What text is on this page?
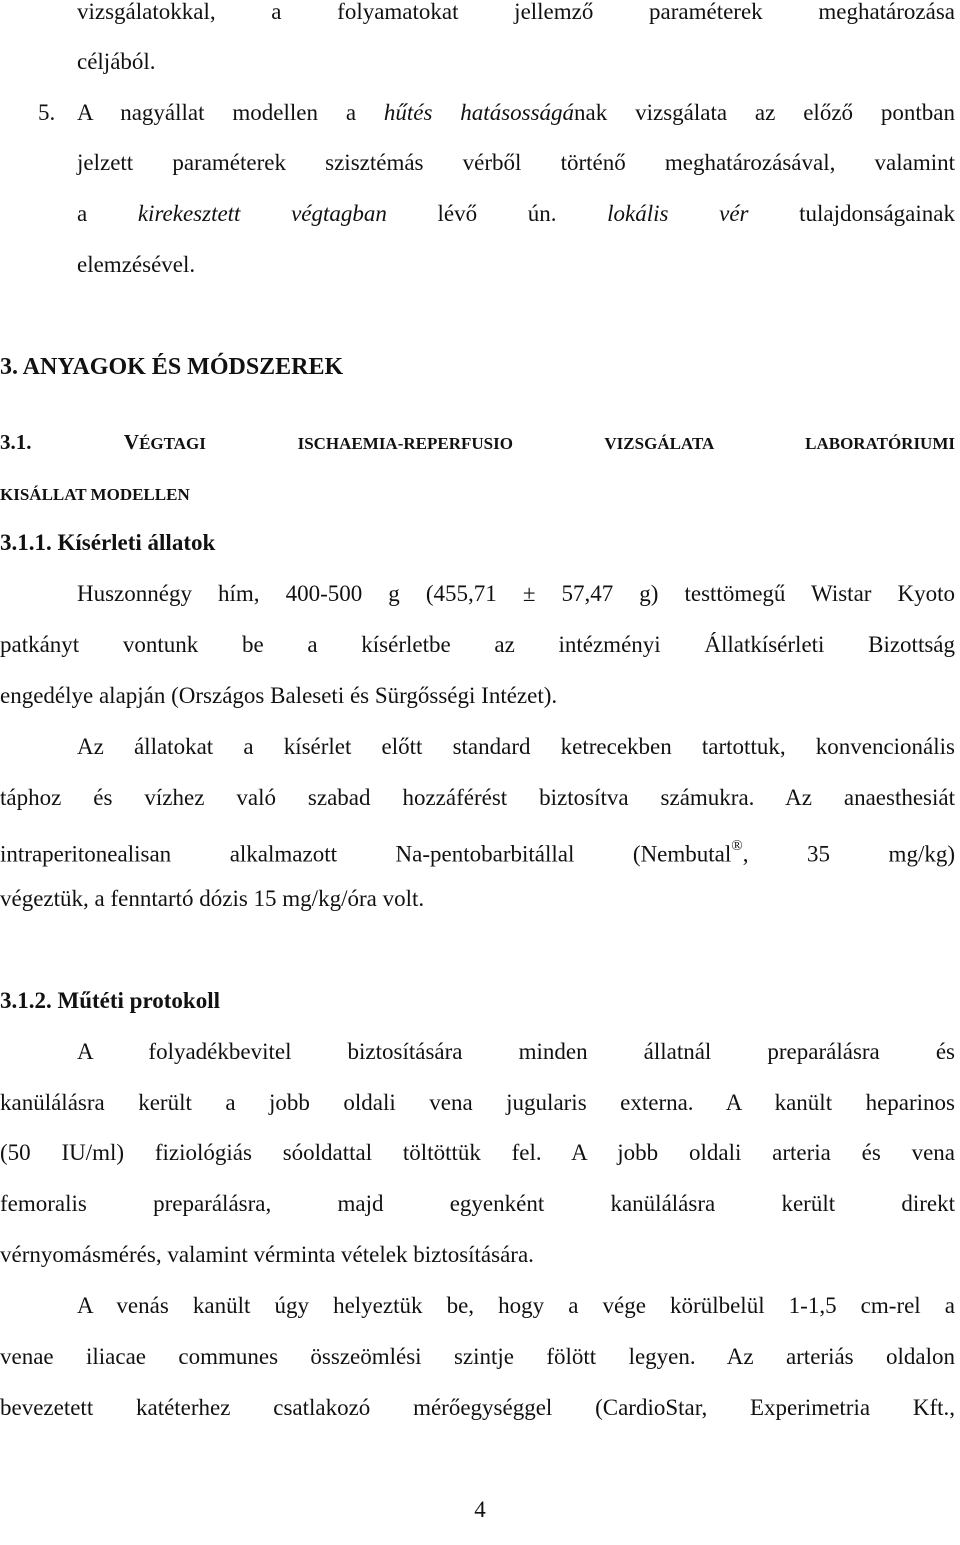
vizsgálatokkal, a folyamatokat jellemző paraméterek meghatározása
céljából.
5. A nagyállat modellen a hűtés hatásosságának vizsgálata az előző pontban
jelzett paraméterek szisztémás vérből történő meghatározásával, valamint
a kirekesztett végtagban lévő ún. lokális vér tulajdonságainak
elemzésével.
3. ANYAGOK ÉS MÓDSZEREK
3.1.	VÉGTAGI ISCHAEMIA-REPERFUSIO VIZSGÁLATA LABORATÓRIUMI
KISÁLLAT MODELLEN
3.1.1. Kísérleti állatok
Huszonnégy hím, 400-500 g (455,71 ± 57,47 g) testtömegű Wistar Kyoto
patkányt vontunk be a kísérletbe az intézményi Állatkísérleti Bizottság
engedélye alapján (Országos Baleseti és Sürgősségi Intézet).
Az állatokat a kísérlet előtt standard ketrecekben tartottuk, konvencionális
táphoz és vízhez való szabad hozzáférést biztosítva számukra. Az anaesthesiát
intraperitonealisan alkalmazott Na-pentobarbitállal (Nembutal®, 35 mg/kg)
végeztük, a fenntartó dózis 15 mg/kg/óra volt.
3.1.2. Műtéti protokoll
A folyadékbevitel biztosítására minden állatnál preparálásra és
kanülálásra került a jobb oldali vena jugularis externa. A kanült heparinos
(50 IU/ml) fiziológiás sóoldattal töltöttük fel. A jobb oldali arteria és vena
femoralis preparálásra, majd egyenként kanülálásra került direkt
vérnyomásmérés, valamint vérminta vételek biztosítására.
A venás kanült úgy helyeztük be, hogy a vége körülbelül 1-1,5 cm-rel a
venae iliacae communes összeömlési szintje fölött legyen. Az arteriás oldalon
bevezetett katéterhez csatlakozó mérőegységgel (CardioStar, Experimetria Kft.,
4
